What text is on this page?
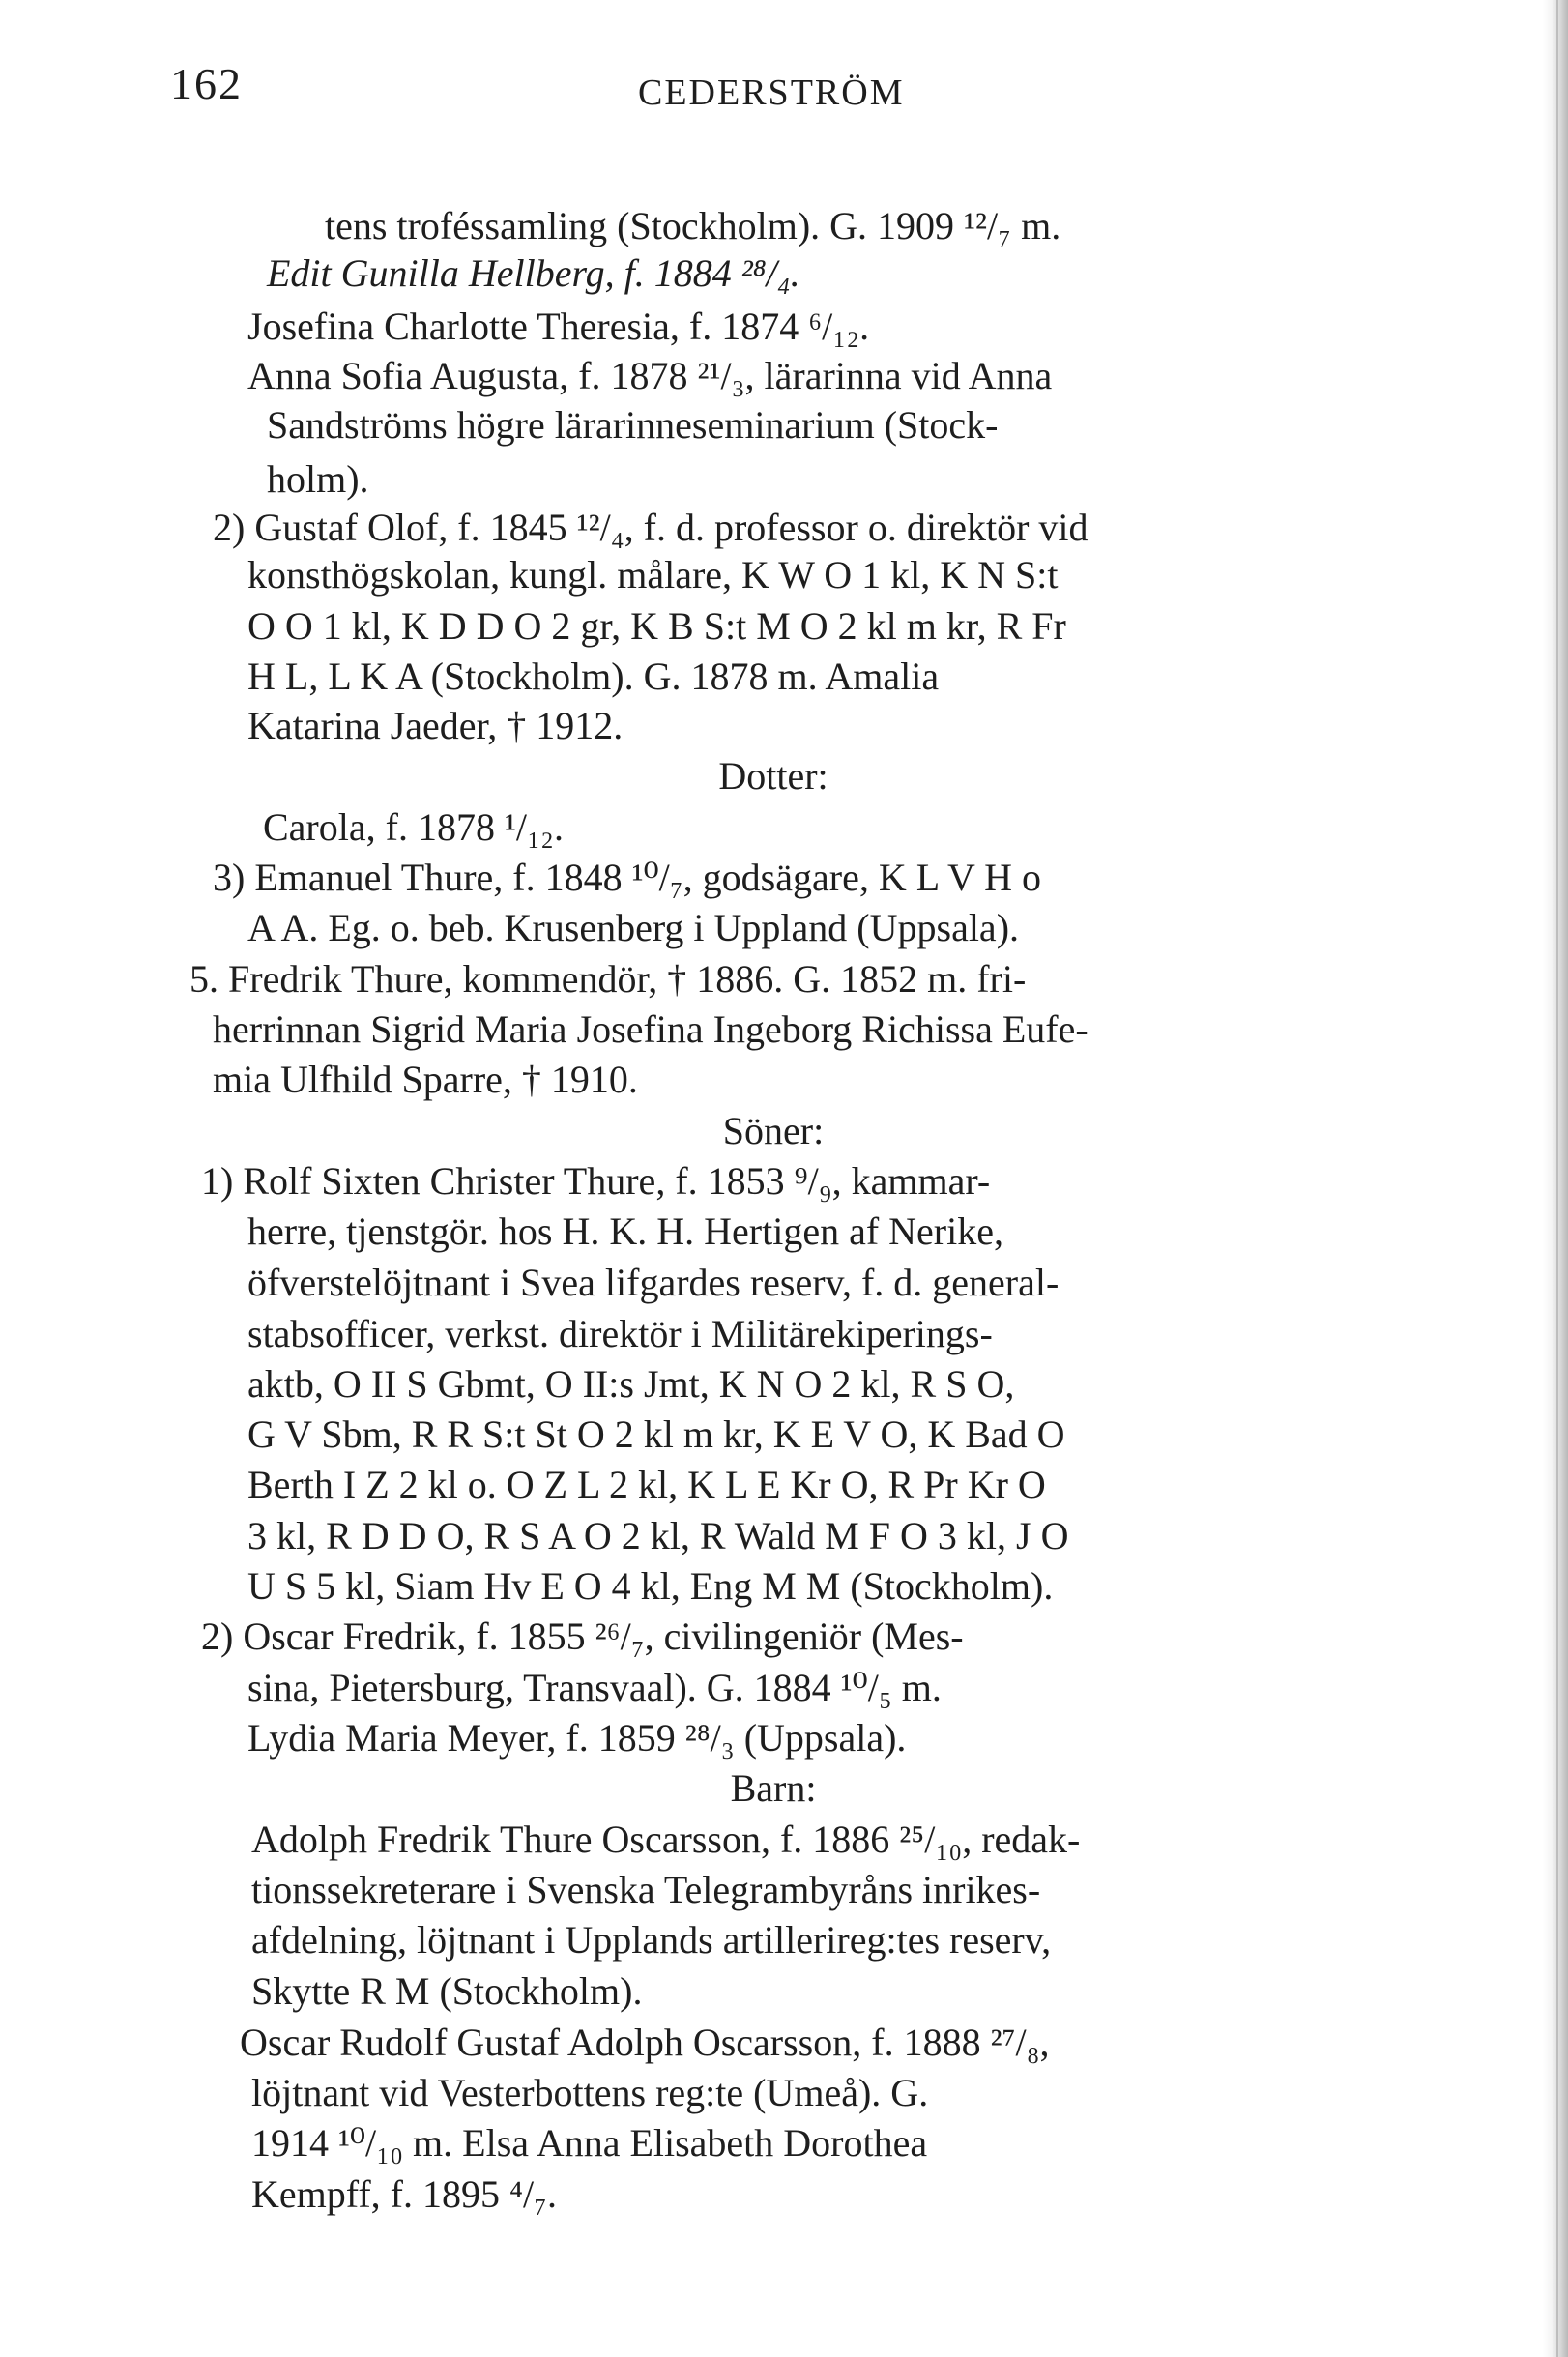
162	CEDERSTRÖM
tens troféssamling (Stockholm). G. 1909 ¹²/₇ m.
Edit Gunilla Hellberg, f. 1884 ²⁸/₄.
Josefina Charlotte Theresia, f. 1874 ⁶/₁₂.
Anna Sofia Augusta, f. 1878 ²¹/₃, lärarinna vid Anna
Sandströms högre lärarinneseminarium (Stock-
holm).
2) Gustaf Olof, f. 1845 ¹²/₄, f. d. professor o. direktör vid
konsthögskolan, kungl. målare, K W O 1 kl, K N S:t
O O 1 kl, K D D O 2 gr, K B S:t M O 2 kl m kr, R Fr
H L, L K A (Stockholm). G. 1878 m. Amalia
Katarina Jaeder, † 1912.
Dotter:
Carola, f. 1878 ¹/₁₂.
3) Emanuel Thure, f. 1848 ¹⁰/₇, godsägare, K L V H o
A A. Eg. o. beb. Krusenberg i Uppland (Uppsala).
5. Fredrik Thure, kommendör, † 1886. G. 1852 m. fri-
herrinnan Sigrid Maria Josefina Ingeborg Richissa Eufe-
mia Ulfhild Sparre, † 1910.
Söner:
1) Rolf Sixten Christer Thure, f. 1853 ⁹/₉, kammar-
herre, tjenstgör. hos H. K. H. Hertigen af Nerike,
öfverstelöjtnant i Svea lifgardes reserv, f. d. general-
stabsofficer, verkst. direktör i Militärekiperings-
aktb, O II S Gbmt, O II:s Jmt, K N O 2 kl, R S O,
G V Sbm, R R S:t St O 2 kl m kr, K E V O, K Bad O
Berth I Z 2 kl o. O Z L 2 kl, K L E Kr O, R Pr Kr O
3 kl, R D D O, R S A O 2 kl, R Wald M F O 3 kl, J O
U S 5 kl, Siam Hv E O 4 kl, Eng M M (Stockholm).
2) Oscar Fredrik, f. 1855 ²⁶/₇, civilingeniör (Mes-
sina, Pietersburg, Transvaal). G. 1884 ¹⁰/₅ m.
Lydia Maria Meyer, f. 1859 ²⁸/₃ (Uppsala).
Barn:
Adolph Fredrik Thure Oscarsson, f. 1886 ²⁵/₁₀, redak-
tionssekreterare i Svenska Telegrambyråns inrikes-
afdelning, löjtnant i Upplands artillerireg:tes reserv,
Skytte R M (Stockholm).
Oscar Rudolf Gustaf Adolph Oscarsson, f. 1888 ²⁷/₈,
löjtnant vid Vesterbottens reg:te (Umeå). G.
1914 ¹⁰/₁₀ m. Elsa Anna Elisabeth Dorothea
Kempff, f. 1895 ⁴/₇.
